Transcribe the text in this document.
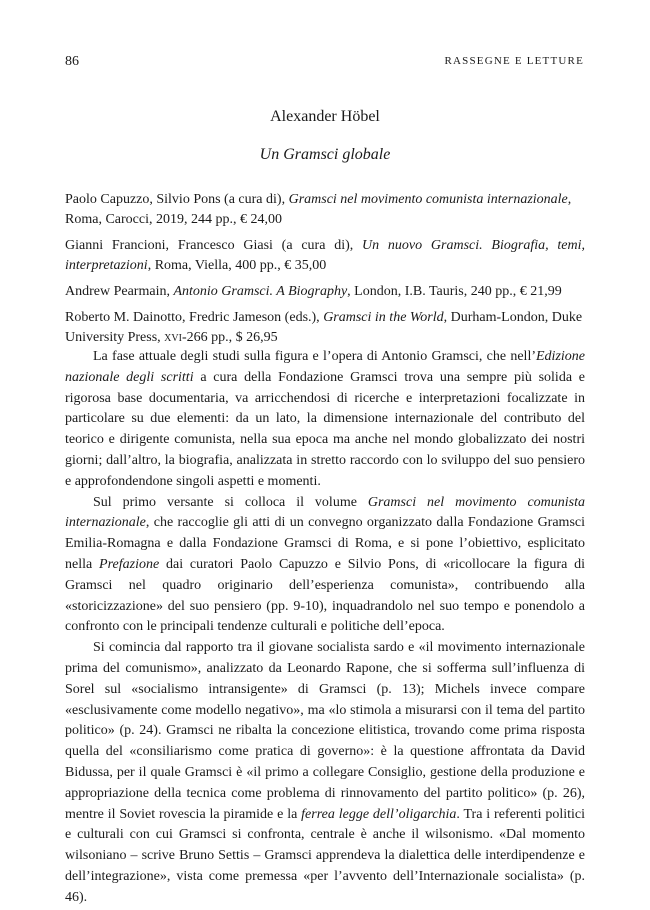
86	RASSEGNE E LETTURE
Alexander Höbel
Un Gramsci globale

Paolo Capuzzo, Silvio Pons (a cura di), Gramsci nel movimento comunista internazionale, Roma, Carocci, 2019, 244 pp., € 24,00

Gianni Francioni, Francesco Giasi (a cura di), Un nuovo Gramsci. Biografia, temi, interpretazioni, Roma, Viella, 400 pp., € 35,00

Andrew Pearmain, Antonio Gramsci. A Biography, London, I.B. Tauris, 240 pp., € 21,99

Roberto M. Dainotto, Fredric Jameson (eds.), Gramsci in the World, Durham-London, Duke University Press, xvi-266 pp., $ 26,95

La fase attuale degli studi sulla figura e l’opera di Antonio Gramsci, che nell’Edizione nazionale degli scritti a cura della Fondazione Gramsci trova una sempre più solida e rigorosa base documentaria, va arricchendosi di ricerche e interpretazioni focalizzate in particolare su due elementi: da un lato, la dimensione internazionale del contributo del teorico e dirigente comunista, nella sua epoca ma anche nel mondo globalizzato dei nostri giorni; dall’altro, la biografia, analizzata in stretto raccordo con lo sviluppo del suo pensiero e approfondendone singoli aspetti e momenti.

Sul primo versante si colloca il volume Gramsci nel movimento comunista internazionale, che raccoglie gli atti di un convegno organizzato dalla Fondazione Gramsci Emilia-Romagna e dalla Fondazione Gramsci di Roma, e si pone l’obiettivo, esplicitato nella Prefazione dai curatori Paolo Capuzzo e Silvio Pons, di «ricollocare la figura di Gramsci nel quadro originario dell’esperienza comunista», contribuendo alla «storicizzazione» del suo pensiero (pp. 9-10), inquadrandolo nel suo tempo e ponendolo a confronto con le principali tendenze culturali e politiche dell’epoca.

Si comincia dal rapporto tra il giovane socialista sardo e «il movimento internazionale prima del comunismo», analizzato da Leonardo Rapone, che si sofferma sull’influenza di Sorel sul «socialismo intransigente» di Gramsci (p. 13); Michels invece compare «esclusivamente come modello negativo», ma «lo stimola a misurarsi con il tema del partito politico» (p. 24). Gramsci ne ribalta la concezione elitistica, trovando come prima risposta quella del «consiliarismo come pratica di governo»: è la questione affrontata da David Bidussa, per il quale Gramsci è «il primo a collegare Consiglio, gestione della produzione e appropriazione della tecnica come problema di rinnovamento del partito politico» (p. 26), mentre il Soviet rovescia la piramide e la ferrea legge dell’oligarchia. Tra i referenti politici e culturali con cui Gramsci si confronta, centrale è anche il wilsonismo. «Dal momento wilsoniano – scrive Bruno Settis – Gramsci apprendeva la dialettica delle interdipendenze e dell’integrazione», vista come premessa «per l’avvento dell’Internazionale socialista» (p. 46).
